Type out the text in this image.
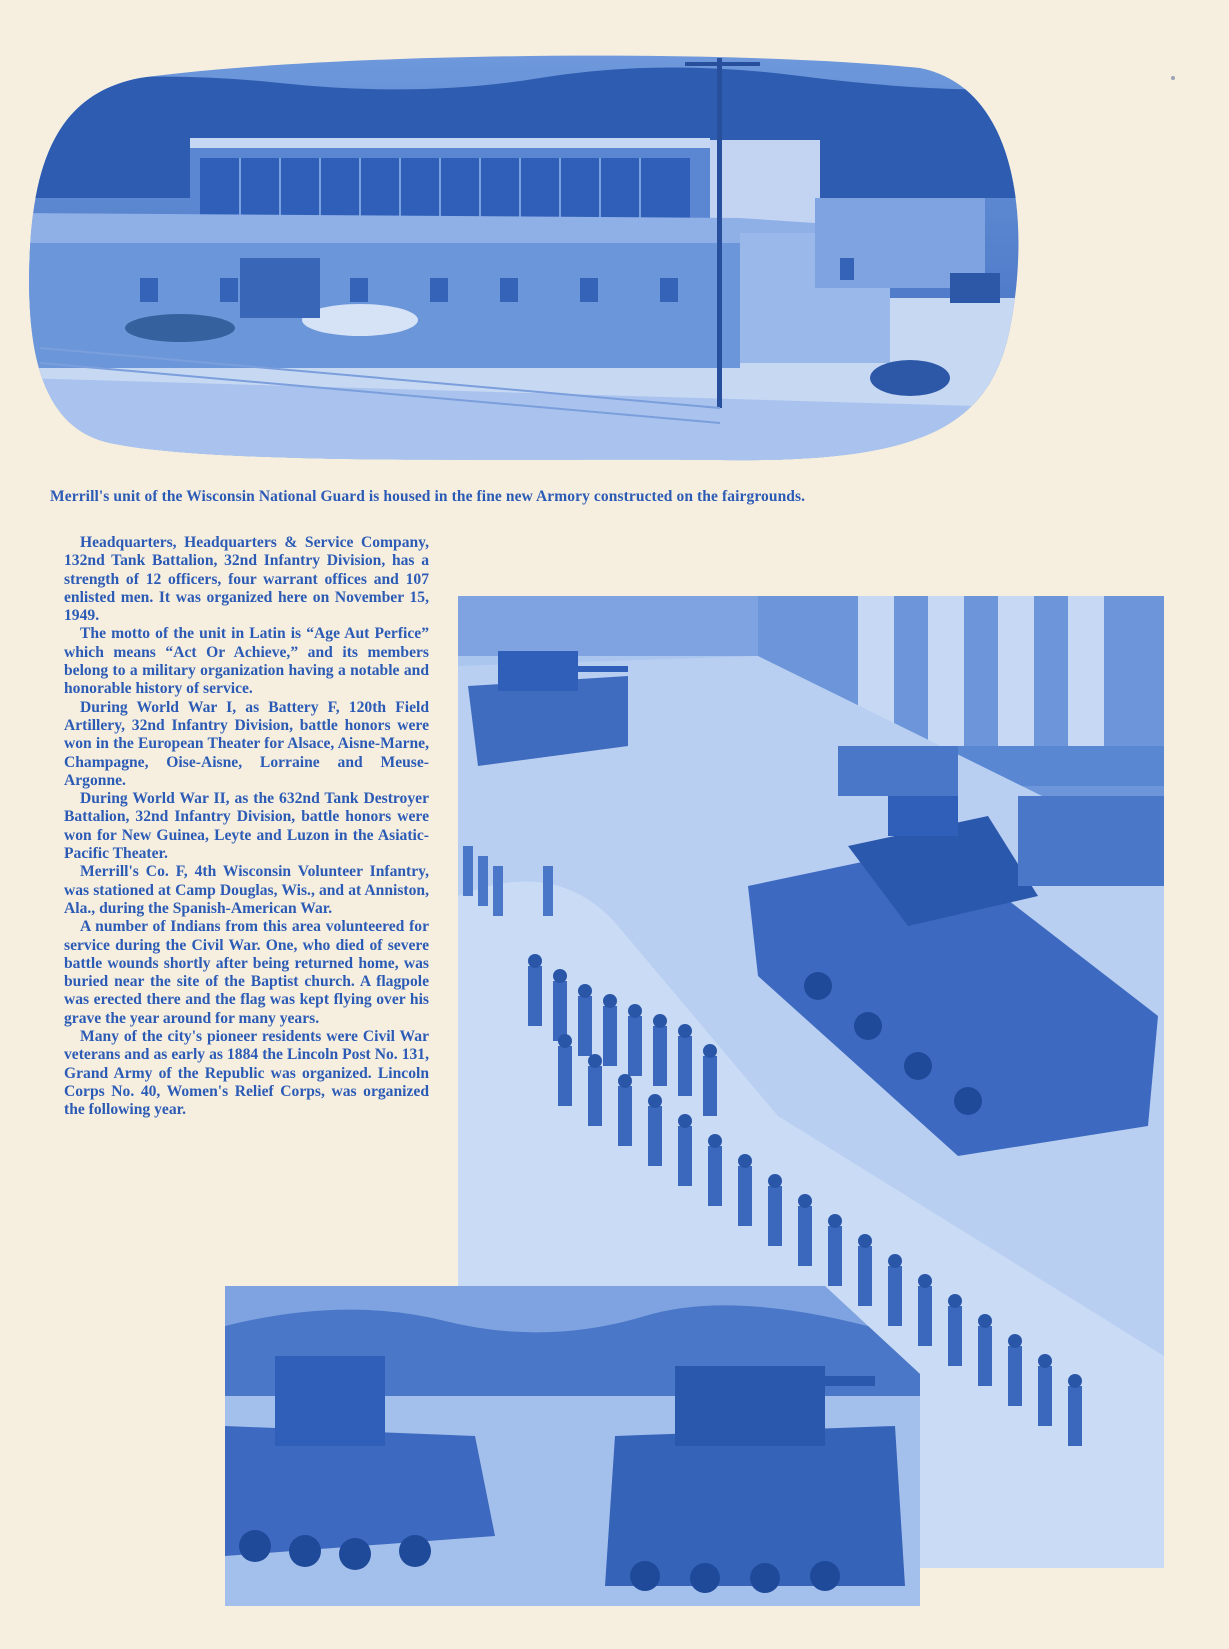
Merrill's unit of the Wisconsin National Guard is housed in the fine new Armory constructed on the fairgrounds.

Headquarters, Headquarters & Service Company, 132nd Tank Battalion, 32nd Infantry Division, has a strength of 12 officers, four warrant offices and 107 enlisted men. It was organized here on November 15, 1949.

The motto of the unit in Latin is “Age Aut Perfice” which means “Act Or Achieve,” and its members belong to a military organization having a notable and honorable history of service.

During World War I, as Battery F, 120th Field Artillery, 32nd Infantry Division, battle honors were won in the European Theater for Alsace, Aisne-Marne, Champagne, Oise-Aisne, Lorraine and Meuse-Argonne.

During World War II, as the 632nd Tank Destroyer Battalion, 32nd Infantry Division, battle honors were won for New Guinea, Leyte and Luzon in the Asiatic-Pacific Theater.

Merrill's Co. F, 4th Wisconsin Volunteer Infantry, was stationed at Camp Douglas, Wis., and at Anniston, Ala., during the Spanish-American War.

A number of Indians from this area volunteered for service during the Civil War. One, who died of severe battle wounds shortly after being returned home, was buried near the site of the Baptist church. A flagpole was erected there and the flag was kept flying over his grave the year around for many years.

Many of the city's pioneer residents were Civil War veterans and as early as 1884 the Lincoln Post No. 131, Grand Army of the Republic was organized. Lincoln Corps No. 40, Women's Relief Corps, was organized the following year.
